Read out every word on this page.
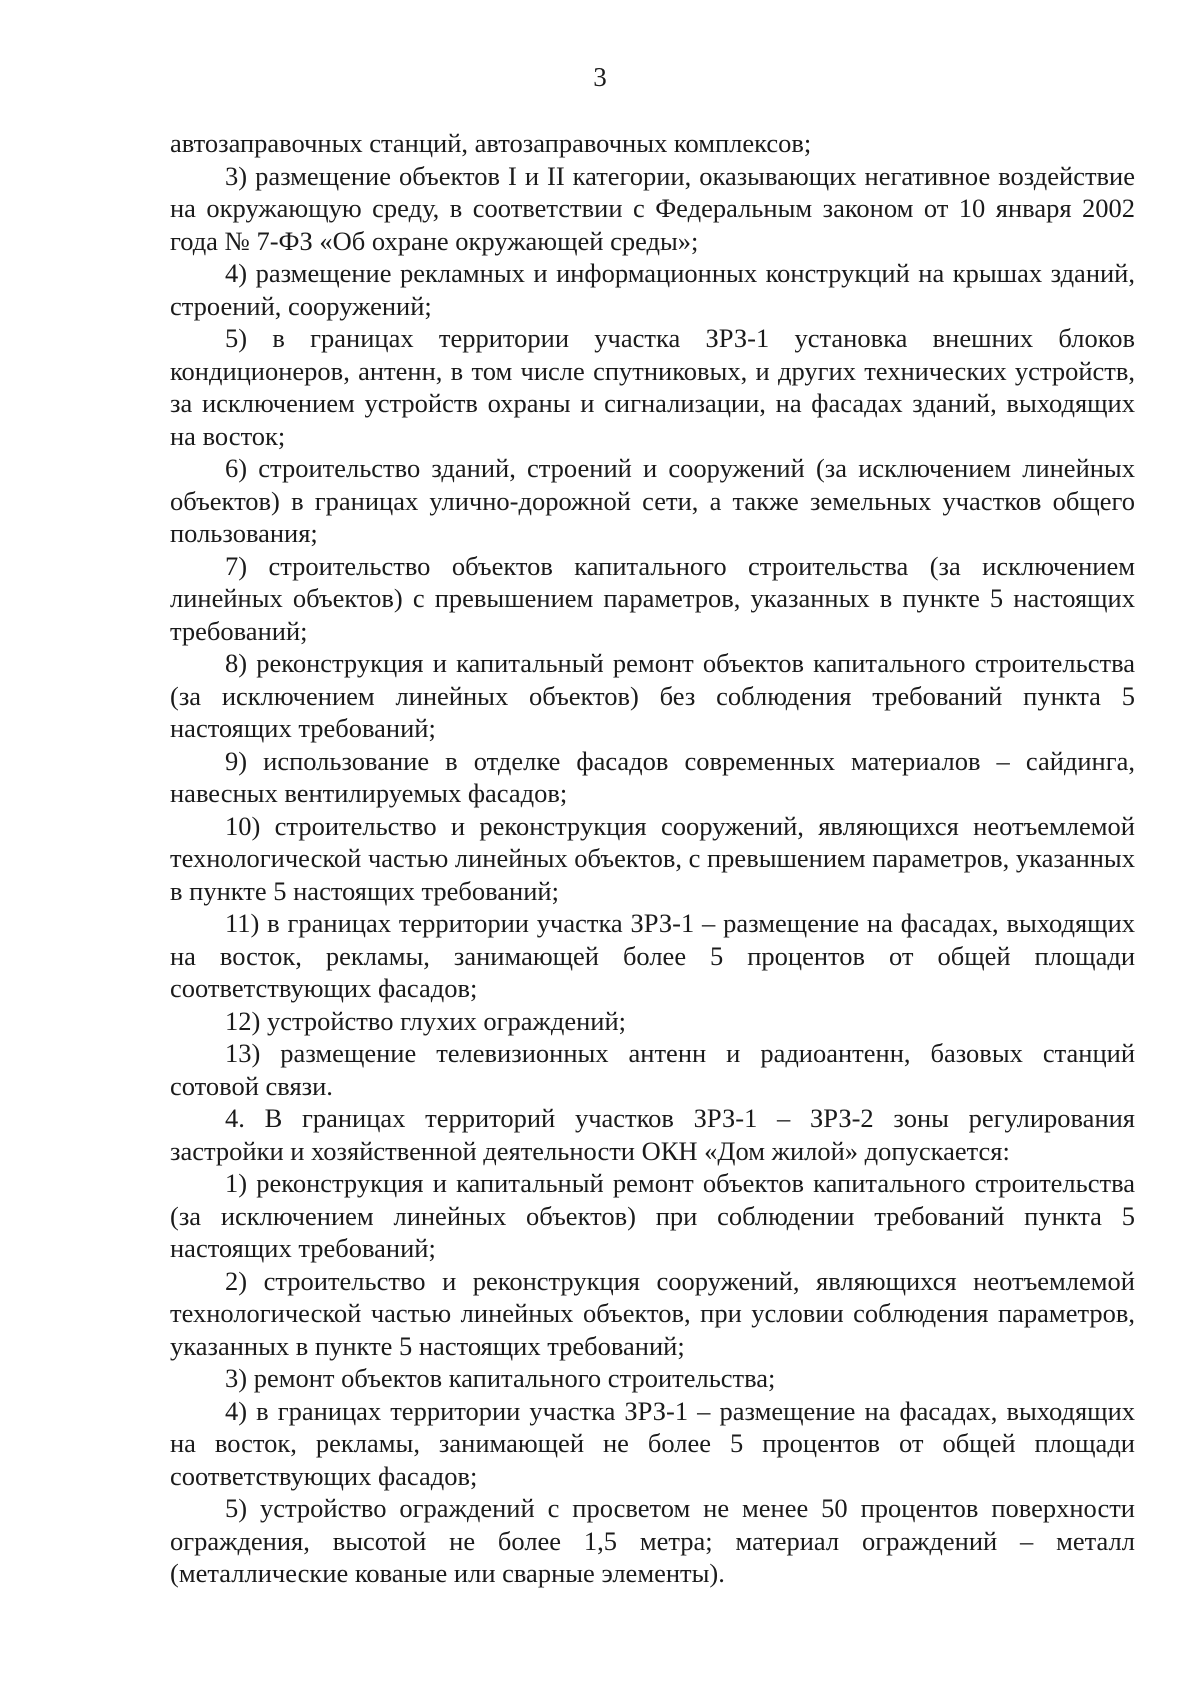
3

автозаправочных станций, автозаправочных комплексов;

3) размещение объектов I и II категории, оказывающих негативное воздействие на окружающую среду, в соответствии с Федеральным законом от 10 января 2002 года № 7-ФЗ «Об охране окружающей среды»;

4) размещение рекламных и информационных конструкций на крышах зданий, строений, сооружений;

5) в границах территории участка ЗРЗ-1 установка внешних блоков кондиционеров, антенн, в том числе спутниковых, и других технических устройств, за исключением устройств охраны и сигнализации, на фасадах зданий, выходящих на восток;

6) строительство зданий, строений и сооружений (за исключением линейных объектов) в границах улично-дорожной сети, а также земельных участков общего пользования;

7) строительство объектов капитального строительства (за исключением линейных объектов) с превышением параметров, указанных в пункте 5 настоящих требований;

8) реконструкция и капитальный ремонт объектов капитального строительства (за исключением линейных объектов) без соблюдения требований пункта 5 настоящих требований;

9) использование в отделке фасадов современных материалов – сайдинга, навесных вентилируемых фасадов;

10) строительство и реконструкция сооружений, являющихся неотъемлемой технологической частью линейных объектов, с превышением параметров, указанных в пункте 5 настоящих требований;

11) в границах территории участка ЗРЗ-1 – размещение на фасадах, выходящих на восток, рекламы, занимающей более 5 процентов от общей площади соответствующих фасадов;

12) устройство глухих ограждений;

13) размещение телевизионных антенн и радиоантенн, базовых станций сотовой связи.

4. В границах территорий участков ЗРЗ-1 – ЗРЗ-2 зоны регулирования застройки и хозяйственной деятельности ОКН «Дом жилой» допускается:

1) реконструкция и капитальный ремонт объектов капитального строительства (за исключением линейных объектов) при соблюдении требований пункта 5 настоящих требований;

2) строительство и реконструкция сооружений, являющихся неотъемлемой технологической частью линейных объектов, при условии соблюдения параметров, указанных в пункте 5 настоящих требований;

3) ремонт объектов капитального строительства;

4) в границах территории участка ЗРЗ-1 – размещение на фасадах, выходящих на восток, рекламы, занимающей не более 5 процентов от общей площади соответствующих фасадов;

5) устройство ограждений с просветом не менее 50 процентов поверхности ограждения, высотой не более 1,5 метра; материал ограждений – металл (металлические кованые или сварные элементы).
